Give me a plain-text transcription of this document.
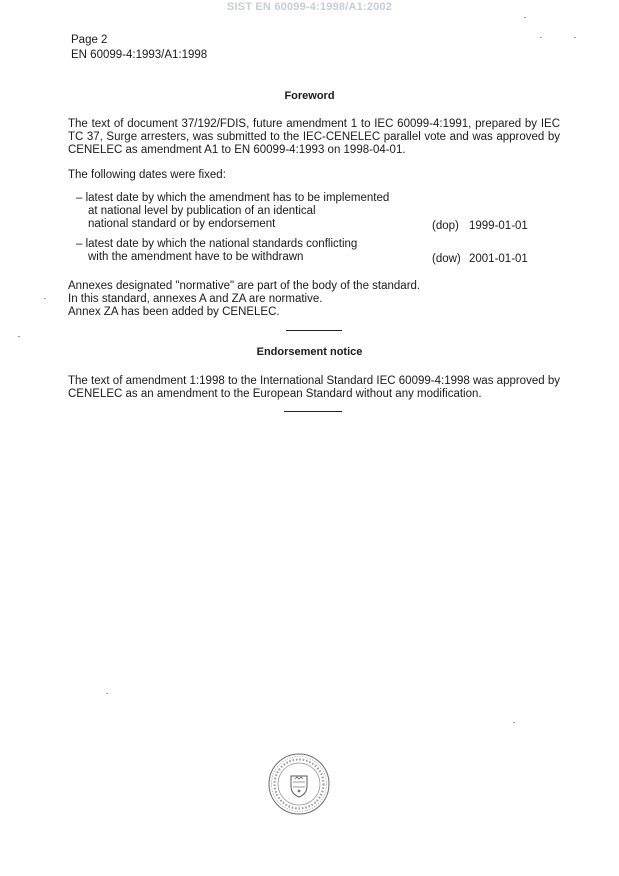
SIST EN 60099-4:1998/A1:2002
Page 2
EN 60099-4:1993/A1:1998
Foreword
The text of document 37/192/FDIS, future amendment 1 to IEC 60099-4:1991, prepared by IEC TC 37, Surge arresters, was submitted to the IEC-CENELEC parallel vote and was approved by CENELEC as amendment A1 to EN 60099-4:1993 on 1998-04-01.
The following dates were fixed:
– latest date by which the amendment has to be implemented
at national level by publication of an identical
national standard or by endorsement	(dop) 1999-01-01
– latest date by which the national standards conflicting
with the amendment have to be withdrawn	(dow) 2001-01-01
Annexes designated "normative" are part of the body of the standard.
In this standard, annexes A and ZA are normative.
Annex ZA has been added by CENELEC.
Endorsement notice
The text of amendment 1:1998 to the International Standard IEC 60099-4:1998 was approved by CENELEC as an amendment to the European Standard without any modification.
